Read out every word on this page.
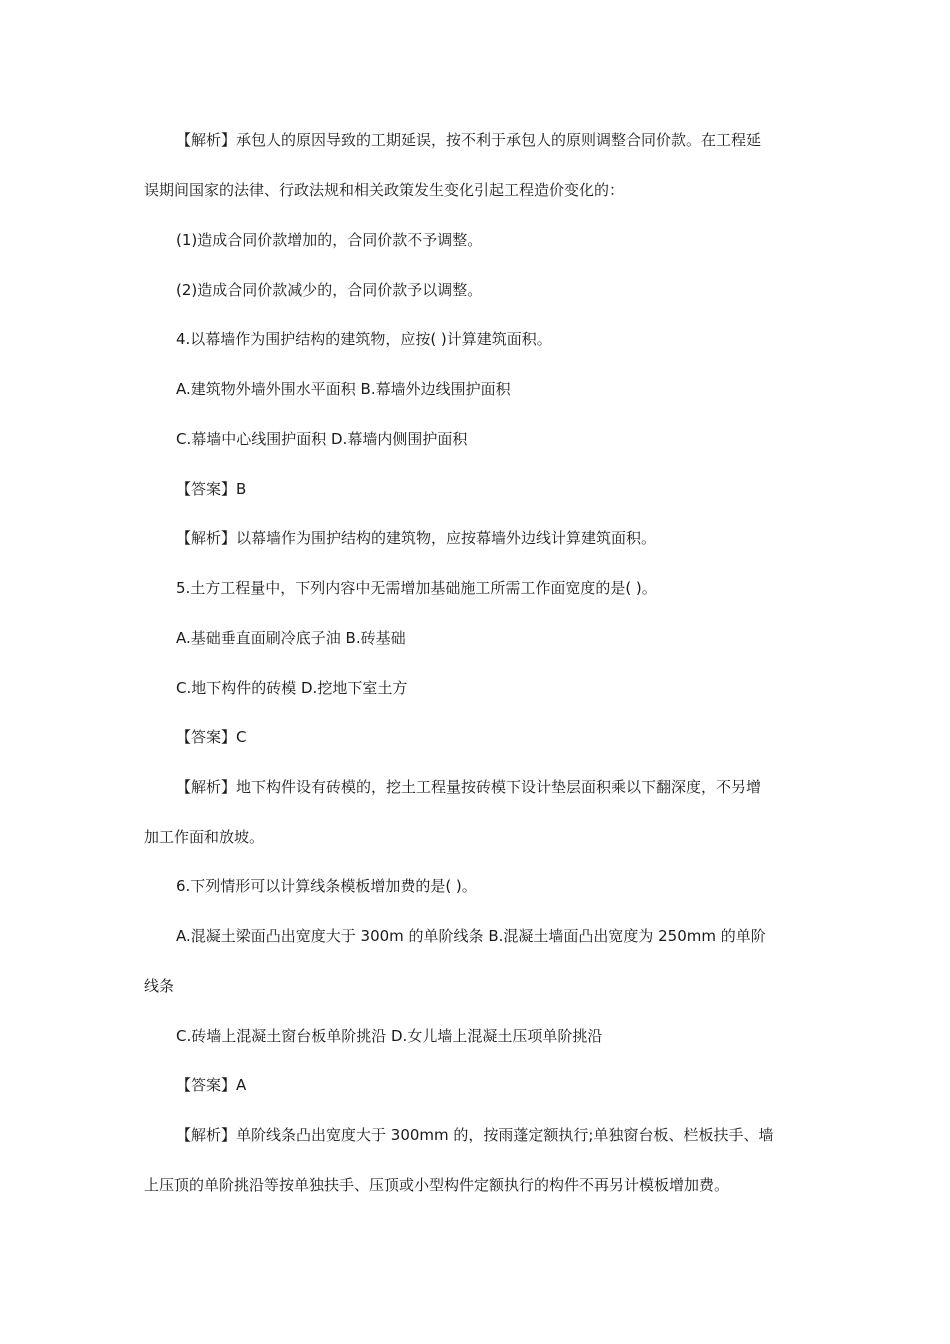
【解析】承包人的原因导致的工期延误，按不利于承包人的原则调整合同价款。在工程延
误期间国家的法律、行政法规和相关政策发生变化引起工程造价变化的：
(1)造成合同价款增加的，合同价款不予调整。
(2)造成合同价款减少的，合同价款予以调整。
4.以幕墙作为围护结构的建筑物，应按( )计算建筑面积。
A.建筑物外墙外围水平面积 B.幕墙外边线围护面积
C.幕墙中心线围护面积 D.幕墙内侧围护面积
【答案】B
【解析】以幕墙作为围护结构的建筑物，应按幕墙外边线计算建筑面积。
5.土方工程量中，下列内容中无需增加基础施工所需工作面宽度的是( )。
A.基础垂直面刷冷底子油 B.砖基础
C.地下构件的砖模 D.挖地下室土方
【答案】C
【解析】地下构件设有砖模的，挖土工程量按砖模下设计垫层面积乘以下翻深度，不另增
加工作面和放坡。
6.下列情形可以计算线条模板增加费的是( )。
A.混凝土梁面凸出宽度大于 300m 的单阶线条 B.混凝土墙面凸出宽度为 250mm 的单阶
线条
C.砖墙上混凝土窗台板单阶挑沿 D.女儿墙上混凝土压项单阶挑沿
【答案】A
【解析】单阶线条凸出宽度大于 300mm 的，按雨蓬定额执行;单独窗台板、栏板扶手、墙
上压顶的单阶挑沿等按单独扶手、压顶或小型构件定额执行的构件不再另计模板增加费。
